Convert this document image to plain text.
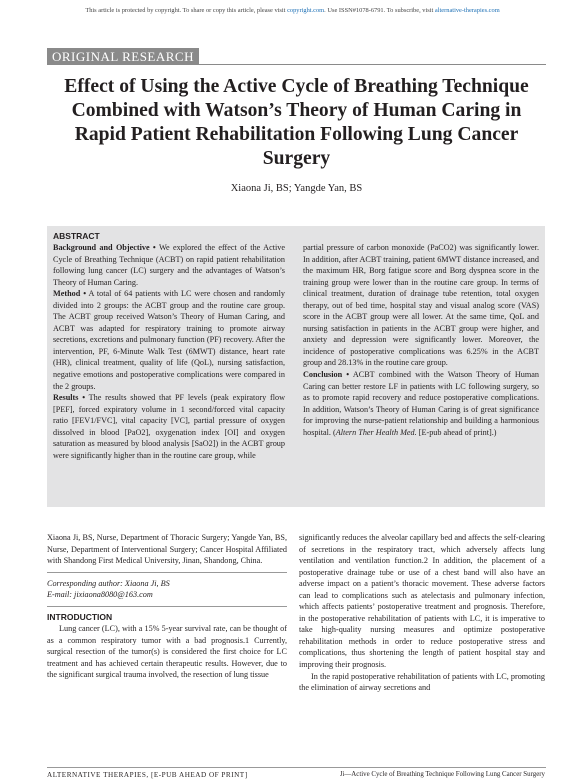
This article is protected by copyright. To share or copy this article, please visit copyright.com. Use ISSN#1078-6791. To subscribe, visit alternative-therapies.com
ORIGINAL RESEARCH
Effect of Using the Active Cycle of Breathing Technique Combined with Watson’s Theory of Human Caring in Rapid Patient Rehabilitation Following Lung Cancer Surgery
Xiaona Ji, BS; Yangde Yan, BS
ABSTRACT

Background and Objective • We explored the effect of the Active Cycle of Breathing Technique (ACBT) on rapid patient rehabilitation following lung cancer (LC) surgery and the advantages of Watson’s Theory of Human Caring.

Method • A total of 64 patients with LC were chosen and randomly divided into 2 groups: the ACBT group and the routine care group. The ACBT group received Watson’s Theory of Human Caring, and ACBT was adapted for respiratory training to promote airway secretions, excretions and pulmonary function (PF) recovery. After the intervention, PF, 6-Minute Walk Test (6MWT) distance, heart rate (HR), clinical treatment, quality of life (QoL), nursing satisfaction, negative emotions and postoperative complications were compared in the 2 groups.

Results • The results showed that PF levels (peak expiratory flow [PEF], forced expiratory volume in 1 second/forced vital capacity ratio [FEV1/FVC], vital capacity [VC], partial pressure of oxygen dissolved in blood [PaO2], oxygenation index [OI] and oxygen saturation as measured by blood analysis [SaO2]) in the ACBT group were significantly higher than in the routine care group, while

partial pressure of carbon monoxide (PaCO2) was significantly lower. In addition, after ACBT training, patient 6MWT distance increased, and the maximum HR, Borg fatigue score and Borg dyspnea score in the training group were lower than in the routine care group. In terms of clinical treatment, duration of drainage tube retention, total oxygen therapy, out of bed time, hospital stay and visual analog score (VAS) score in the ACBT group were all lower. At the same time, QoL and nursing satisfaction in patients in the ACBT group were higher, and anxiety and depression were significantly lower. Moreover, the incidence of postoperative complications was 6.25% in the ACBT group and 28.13% in the routine care group.

Conclusion • ACBT combined with the Watson Theory of Human Caring can better restore LF in patients with LC following surgery, so as to promote rapid recovery and reduce postoperative complications. In addition, Watson’s Theory of Human Caring is of great significance for improving the nurse-patient relationship and building a harmonious hospital. (Altern Ther Health Med. [E-pub ahead of print].)

Xiaona Ji, BS, Nurse, Department of Thoracic Surgery; Yangde Yan, BS, Nurse, Department of Interventional Surgery; Cancer Hospital Affiliated with Shandong First Medical University, Jinan, Shandong, China.

Corresponding author: Xiaona Ji, BS

E-mail: jixiaona8080@163.com

INTRODUCTION

Lung cancer (LC), with a 15% 5-year survival rate, can be thought of as a common respiratory tumor with a bad prognosis.1 Currently, surgical resection of the tumor(s) is considered the first choice for LC treatment and has achieved certain therapeutic results. However, due to the significant surgical trauma involved, the resection of lung tissue

significantly reduces the alveolar capillary bed and affects the self-clearing of secretions in the respiratory tract, which adversely affects lung ventilation and ventilation function.2 In addition, the placement of a postoperative drainage tube or use of a chest band will also have an adverse impact on a patient’s thoracic movement. These adverse factors can lead to complications such as atelectasis and pulmonary infection, which affects patients’ postoperative treatment and prognosis. Therefore, in the postoperative rehabilitation of patients with LC, it is imperative to take high-quality nursing measures and optimize postoperative rehabilitation methods in order to reduce postoperative stress and complications, thus shortening the length of patient hospital stay and improving their prognosis.

In the rapid postoperative rehabilitation of patients with LC, promoting the elimination of airway secretions and

ALTERNATIVE THERAPIES, [E-PUB AHEAD OF PRINT]	Ji—Active Cycle of Breathing Technique Following Lung Cancer Surgery
